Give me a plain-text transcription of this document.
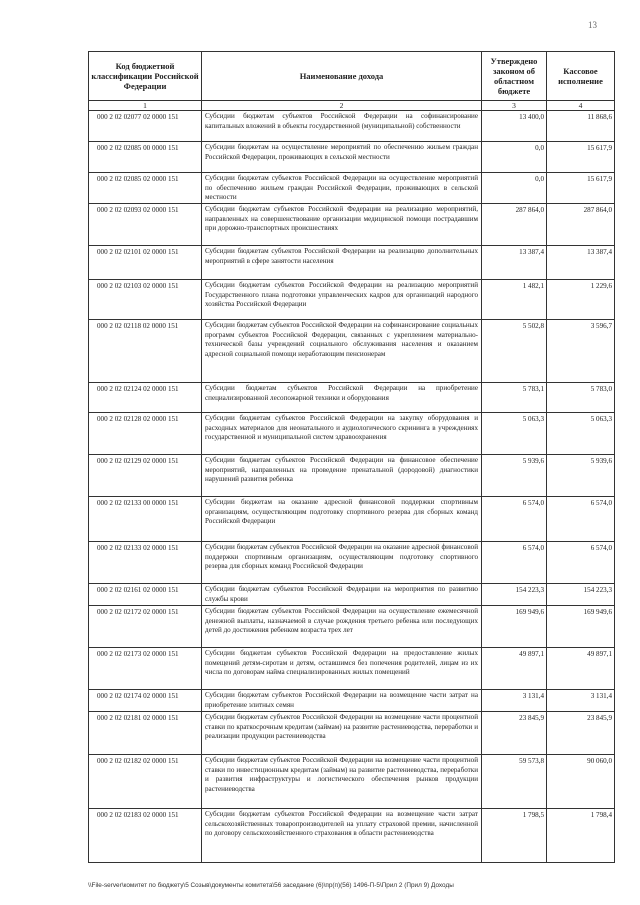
13
Код бюджетной классификации Российской Федерации	Наименование дохода	Утверждено законом об областном бюджете	Кассовое исполнение
1	2	3	4
000 2 02 02077 02 0000 151	Субсидии бюджетам субъектов Российской Федерации на софинансирование капитальных вложений в объекты государственной (муниципальной) собственности	13 400,0	11 868,6
000 2 02 02085 00 0000 151	Субсидии бюджетам на осуществление мероприятий по обеспечению жильем граждан Российской Федерации, проживающих в сельской местности	0,0	15 617,9
000 2 02 02085 02 0000 151	Субсидии бюджетам субъектов Российской Федерации на осуществление мероприятий по обеспечению жильем граждан Российской Федерации, проживающих в сельской местности	0,0	15 617,9
000 2 02 02093 02 0000 151	Субсидии бюджетам субъектов Российской Федерации на реализацию мероприятий, направленных на совершенствование организации медицинской помощи пострадавшим при дорожно-транспортных происшествиях	287 864,0	287 864,0
000 2 02 02101 02 0000 151	Субсидии бюджетам субъектов Российской Федерации на реализацию дополнительных мероприятий в сфере занятости населения	13 387,4	13 387,4
000 2 02 02103 02 0000 151	Субсидии бюджетам субъектов Российской Федерации на реализацию мероприятий Государственного плана подготовки управленческих кадров для организаций народного хозяйства Российской Федерации	1 482,1	1 229,6
000 2 02 02118 02 0000 151	Субсидии бюджетам субъектов Российской Федерации на софинансирование социальных программ субъектов Российской Федерации, связанных с укреплением материально-технической базы учреждений социального обслуживания населения и оказанием адресной социальной помощи неработающим пенсионерам	5 502,8	3 596,7
000 2 02 02124 02 0000 151	Субсидии бюджетам субъектов Российской Федерации на приобретение специализированной лесопожарной техники и оборудования	5 783,1	5 783,0
000 2 02 02128 02 0000 151	Субсидии бюджетам субъектов Российской Федерации на закупку оборудования и расходных материалов для неонатального и аудиологического скрининга в учреждениях государственной и муниципальной систем здравоохранения	5 063,3	5 063,3
000 2 02 02129 02 0000 151	Субсидии бюджетам субъектов Российской Федерации на финансовое обеспечение мероприятий, направленных на проведение пренатальной (дородовой) диагностики нарушений развития ребенка	5 939,6	5 939,6
000 2 02 02133 00 0000 151	Субсидии бюджетам на оказание адресной финансовой поддержки спортивным организациям, осуществляющим подготовку спортивного резерва для сборных команд Российской Федерации	6 574,0	6 574,0
000 2 02 02133 02 0000 151	Субсидии бюджетам субъектов Российской Федерации на оказание адресной финансовой поддержки спортивным организациям, осуществляющим подготовку спортивного резерва для сборных команд Российской Федерации	6 574,0	6 574,0
000 2 02 02161 02 0000 151	Субсидии бюджетам субъектов Российской Федерации на мероприятия по развитию службы крови	154 223,3	154 223,3
000 2 02 02172 02 0000 151	Субсидии бюджетам субъектов Российской Федерации на осуществление ежемесячной денежной выплаты, назначаемой в случае рождения третьего ребенка или последующих детей до достижения ребенком возраста трех лет	169 949,6	169 949,6
000 2 02 02173 02 0000 151	Субсидии бюджетам субъектов Российской Федерации на предоставление жилых помещений детям-сиротам и детям, оставшимся без попечения родителей, лицам из их числа по договорам найма специализированных жилых помещений	49 897,1	49 897,1
000 2 02 02174 02 0000 151	Субсидии бюджетам субъектов Российской Федерации на возмещение части затрат на приобретение элитных семян	3 131,4	3 131,4
000 2 02 02181 02 0000 151	Субсидии бюджетам субъектов Российской Федерации на возмещение части процентной ставки по краткосрочным кредитам (займам) на развитие растениеводства, переработки и реализации продукции растениеводства	23 845,9	23 845,9
000 2 02 02182 02 0000 151	Субсидии бюджетам субъектов Российской Федерации на возмещение части процентной ставки по инвестиционным кредитам (займам) на развитие растениеводства, переработки и развития инфраструктуры и логистического обеспечения рынков продукции растениеводства	59 573,8	90 060,0
000 2 02 02183 02 0000 151	Субсидии бюджетам субъектов Российской Федерации на возмещение части затрат сельскохозяйственных товаропроизводителей на уплату страховой премии, начисленной по договору сельскохозяйственного страхования в области растениеводства	1 798,5	1 798,4
\\File-server\комитет по бюджету\5 Созыв\документы комитета\56 заседание (6)\пр(п)(56) 1496-П-5\Прил 2 (Прил 9) Доходы
